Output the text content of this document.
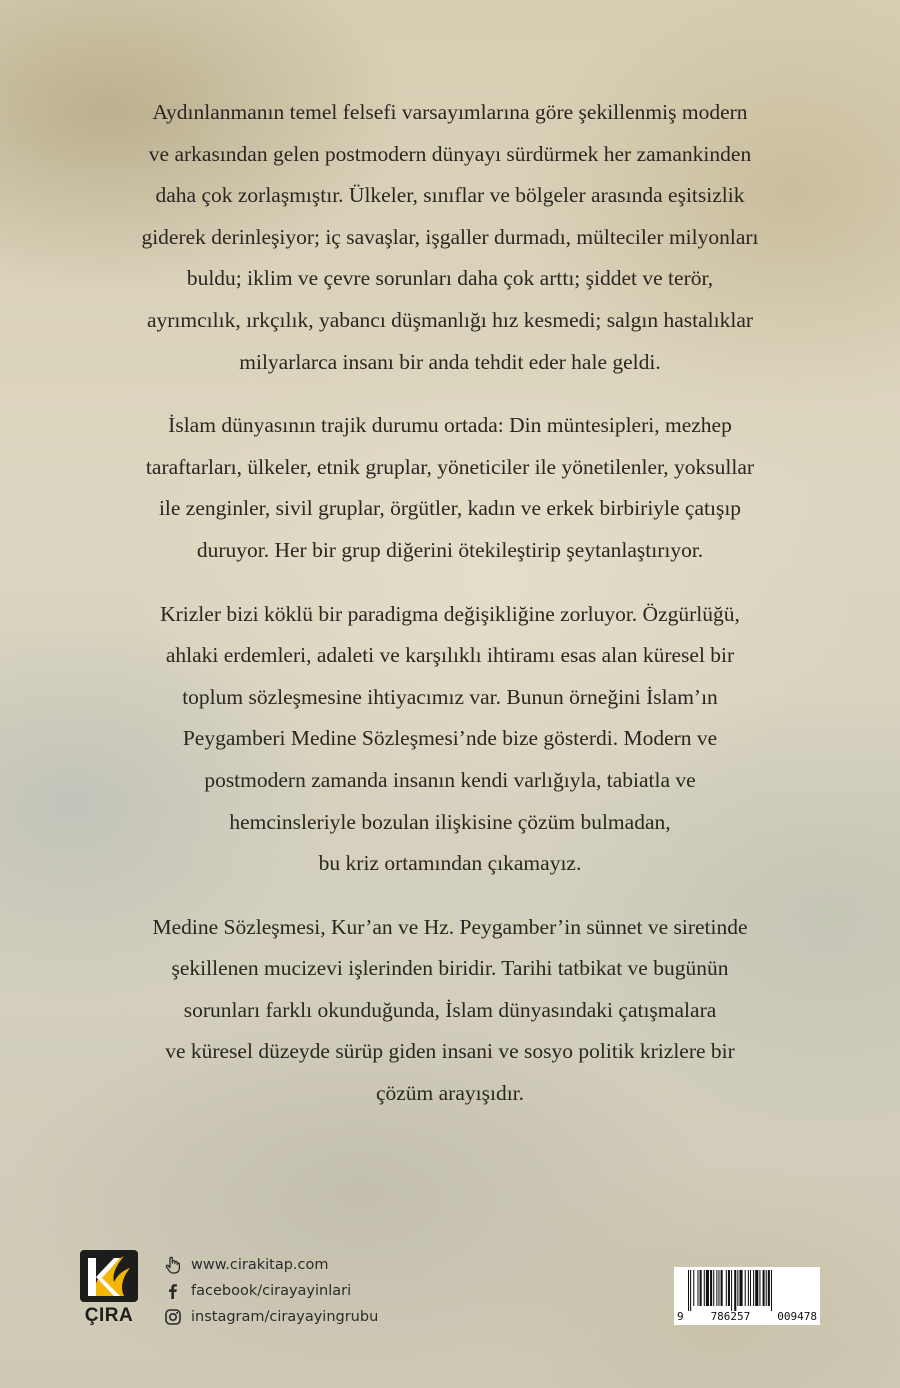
Aydınlanmanın temel felsefi varsayımlarına göre şekillenmiş modern
ve arkasından gelen postmodern dünyayı sürdürmek her zamankinden
daha çok zorlaşmıştır. Ülkeler, sınıflar ve bölgeler arasında eşitsizlik
giderek derinleşiyor; iç savaşlar, işgaller durmadı, mülteciler milyonları
buldu; iklim ve çevre sorunları daha çok arttı; şiddet ve terör,
ayrımcılık, ırkçılık, yabancı düşmanlığı hız kesmedi; salgın hastalıklar
milyarlarca insanı bir anda tehdit eder hale geldi.

İslam dünyasının trajik durumu ortada: Din müntesipleri, mezhep
taraftarları, ülkeler, etnik gruplar, yöneticiler ile yönetilenler, yoksullar
ile zenginler, sivil gruplar, örgütler, kadın ve erkek birbiriyle çatışıp
duruyor. Her bir grup diğerini ötekileştirip şeytanlaştırıyor.

Krizler bizi köklü bir paradigma değişikliğine zorluyor. Özgürlüğü,
ahlaki erdemleri, adaleti ve karşılıklı ihtiramı esas alan küresel bir
toplum sözleşmesine ihtiyacımız var. Bunun örneğini İslam’ın
Peygamberi Medine Sözleşmesi’nde bize gösterdi. Modern ve
postmodern zamanda insanın kendi varlığıyla, tabiatla ve
hemcinsleriyle bozulan ilişkisine çözüm bulmadan,
bu kriz ortamından çıkamayız.

Medine Sözleşmesi, Kur’an ve Hz. Peygamber’in sünnet ve siretinde
şekillenen mucizevi işlerinden biridir. Tarihi tatbikat ve bugünün
sorunları farklı okunduğunda, İslam dünyasındaki çatışmalara
ve küresel düzeyde sürüp giden insani ve sosyo politik krizlere bir
çözüm arayışıdır.

ÇIRA
www.cirakitap.com
facebook/cirayayinlari
instagram/cirayayingrubu	9 786257 009478
